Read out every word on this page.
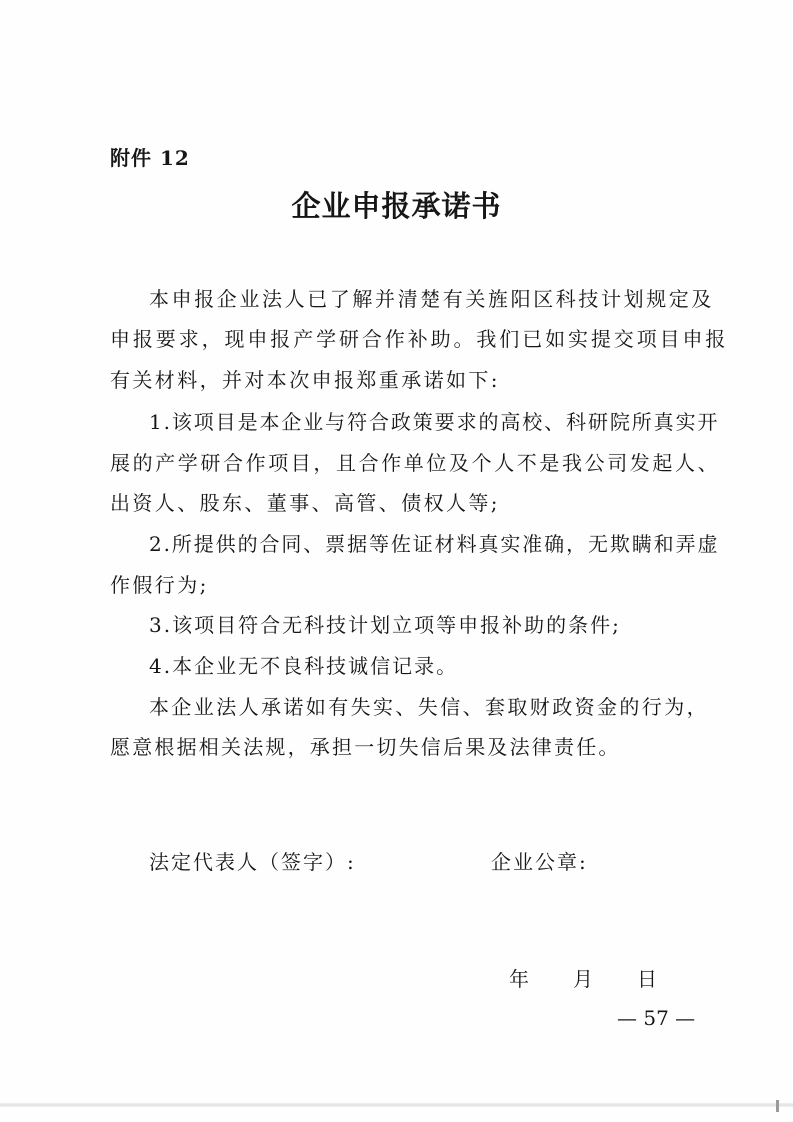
附件 12
企业申报承诺书
本申报企业法人已了解并清楚有关旌阳区科技计划规定及
申报要求，现申报产学研合作补助。我们已如实提交项目申报
有关材料，并对本次申报郑重承诺如下:
1.该项目是本企业与符合政策要求的高校、科研院所真实开
展的产学研合作项目，且合作单位及个人不是我公司发起人、
出资人、股东、董事、高管、债权人等;
2.所提供的合同、票据等佐证材料真实准确，无欺瞒和弄虚
作假行为;
3.该项目符合无科技计划立项等申报补助的条件;
4.本企业无不良科技诚信记录。
本企业法人承诺如有失实、失信、套取财政资金的行为，
愿意根据相关法规，承担一切失信后果及法律责任。
法定代表人（签字）:	企业公章:
年 月 日
— 57 —
